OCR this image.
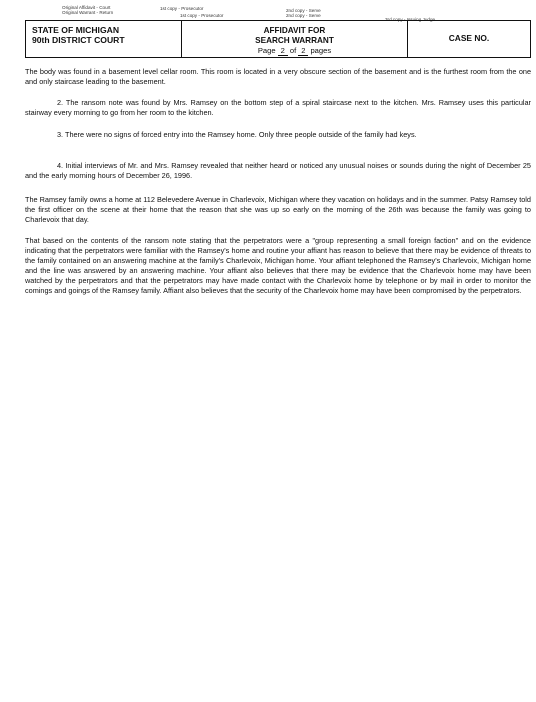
Original Affidavit - Court
Original Warrant - Return
1st copy - Prosecutor
1st copy - Prosecutor
2nd copy - Serve
2nd copy - Serve
3rd copy - Issuing Judge
STATE OF MICHIGAN
90th DISTRICT COURT
AFFIDAVIT FOR
SEARCH WARRANT
Page 2 of 2 pages
CASE NO.

The body was found in a basement level cellar room. This room is located in a very obscure section of the basement and is the furthest room from the one and only staircase leading to the basement.

2. The ransom note was found by Mrs. Ramsey on the bottom step of a spiral staircase next to the kitchen. Mrs. Ramsey uses this particular stairway every morning to go from her room to the kitchen.

3. There were no signs of forced entry into the Ramsey home. Only three people outside of the family had keys.

4. Initial interviews of Mr. and Mrs. Ramsey revealed that neither heard or noticed any unusual noises or sounds during the night of December 25 and the early morning hours of December 26, 1996.

The Ramsey family owns a home at 112 Belevedere Avenue in Charlevoix, Michigan where they vacation on holidays and in the summer. Patsy Ramsey told the first officer on the scene at their home that the reason that she was up so early on the morning of the 26th was because the family was going to Charlevoix that day.

That based on the contents of the ransom note stating that the perpetrators were a "group representing a small foreign faction" and on the evidence indicating that the perpetrators were familiar with the Ramsey's home and routine your affiant has reason to believe that there may be evidence of threats to the family contained on an answering machine at the family's Charlevoix, Michigan home. Your affiant telephoned the Ramsey's Charlevoix, Michigan home and the line was answered by an answering machine. Your affiant also believes that there may be evidence that the Charlevoix home may have been watched by the perpetrators and that the perpetrators may have made contact with the Charlevoix home by telephone or by mail in order to monitor the comings and goings of the Ramsey family. Affiant also believes that the security of the Charlevoix home may have been compromised by the perpetrators.
